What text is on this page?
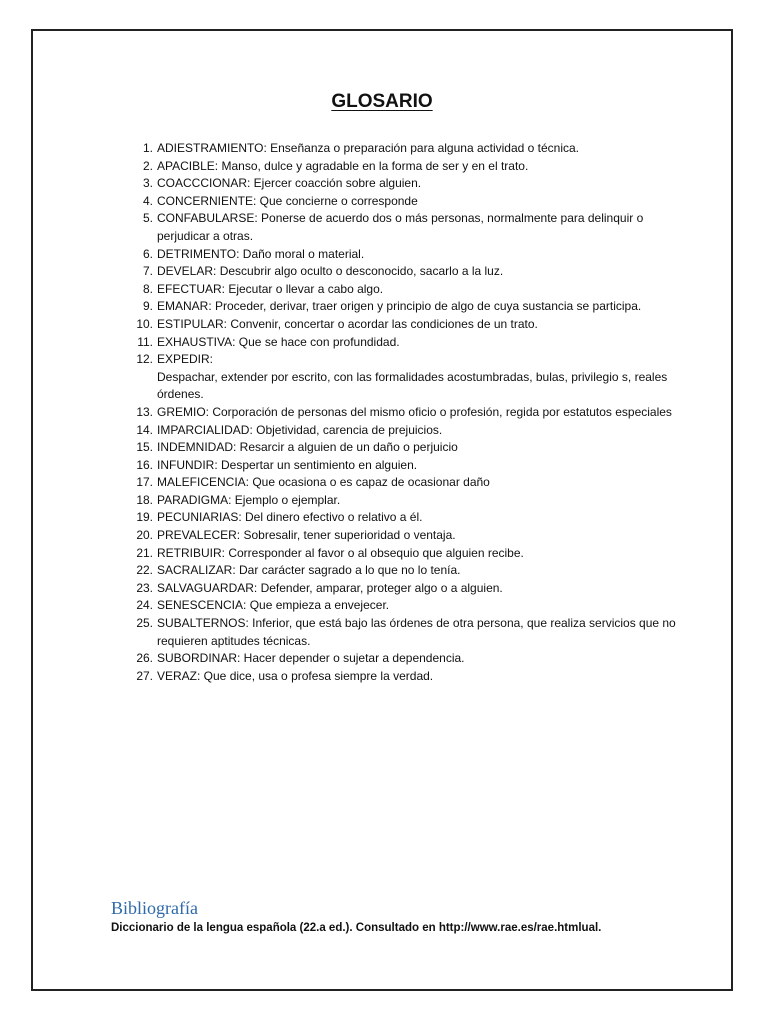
GLOSARIO
1. ADIESTRAMIENTO: Enseñanza o preparación para alguna actividad o técnica.
2. APACIBLE: Manso, dulce y agradable en la forma de ser y en el trato.
3. COACCCIONAR: Ejercer coacción sobre alguien.
4. CONCERNIENTE: Que concierne o corresponde
5. CONFABULARSE: Ponerse de acuerdo dos o más personas, normalmente para delinquir o perjudicar a otras.
6. DETRIMENTO: Daño moral o material.
7. DEVELAR: Descubrir algo oculto o desconocido, sacarlo a la luz.
8. EFECTUAR: Ejecutar o llevar a cabo algo.
9. EMANAR: Proceder, derivar, traer origen y principio de algo de cuya sustancia se participa.
10. ESTIPULAR: Convenir, concertar o acordar las condiciones de un trato.
11. EXHAUSTIVA: Que se hace con profundidad.
12. EXPEDIR:
Despachar, extender por escrito, con las formalidades acostumbradas, bulas, privilegio s, reales órdenes.
13. GREMIO: Corporación de personas del mismo oficio o profesión, regida por estatutos especiales
14. IMPARCIALIDAD: Objetividad, carencia de prejuicios.
15. INDEMNIDAD: Resarcir a alguien de un daño o perjuicio
16. INFUNDIR: Despertar un sentimiento en alguien.
17. MALEFICENCIA: Que ocasiona o es capaz de ocasionar daño
18. PARADIGMA: Ejemplo o ejemplar.
19. PECUNIARIAS: Del dinero efectivo o relativo a él.
20. PREVALECER: Sobresalir, tener superioridad o ventaja.
21. RETRIBUIR: Corresponder al favor o al obsequio que alguien recibe.
22. SACRALIZAR: Dar carácter sagrado a lo que no lo tenía.
23. SALVAGUARDAR: Defender, amparar, proteger algo o a alguien.
24. SENESCENCIA: Que empieza a envejecer.
25. SUBALTERNOS: Inferior, que está bajo las órdenes de otra persona, que realiza servicios que no requieren aptitudes técnicas.
26. SUBORDINAR: Hacer depender o sujetar a dependencia.
27. VERAZ: Que dice, usa o profesa siempre la verdad.
Bibliografía
Diccionario de la lengua española (22.a ed.). Consultado en http://www.rae.es/rae.htmlual.
